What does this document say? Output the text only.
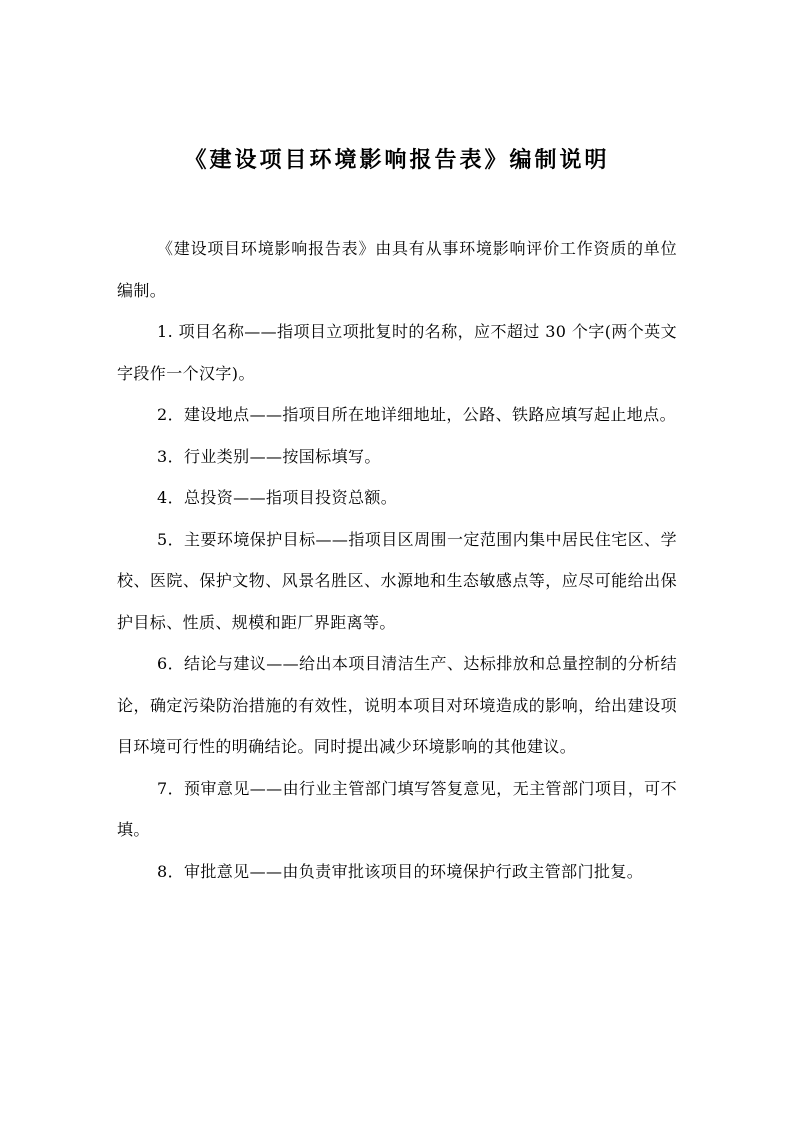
《建设项目环境影响报告表》编制说明

《建设项目环境影响报告表》由具有从事环境影响评价工作资质的单位编制。

1. 项目名称——指项目立项批复时的名称，应不超过 30 个字(两个英文字段作一个汉字)。

2．建设地点——指项目所在地详细地址，公路、铁路应填写起止地点。

3．行业类别——按国标填写。

4．总投资——指项目投资总额。

5．主要环境保护目标——指项目区周围一定范围内集中居民住宅区、学校、医院、保护文物、风景名胜区、水源地和生态敏感点等，应尽可能给出保护目标、性质、规模和距厂界距离等。

6．结论与建议——给出本项目清洁生产、达标排放和总量控制的分析结论，确定污染防治措施的有效性，说明本项目对环境造成的影响，给出建设项目环境可行性的明确结论。同时提出减少环境影响的其他建议。

7．预审意见——由行业主管部门填写答复意见，无主管部门项目，可不填。

8．审批意见——由负责审批该项目的环境保护行政主管部门批复。
